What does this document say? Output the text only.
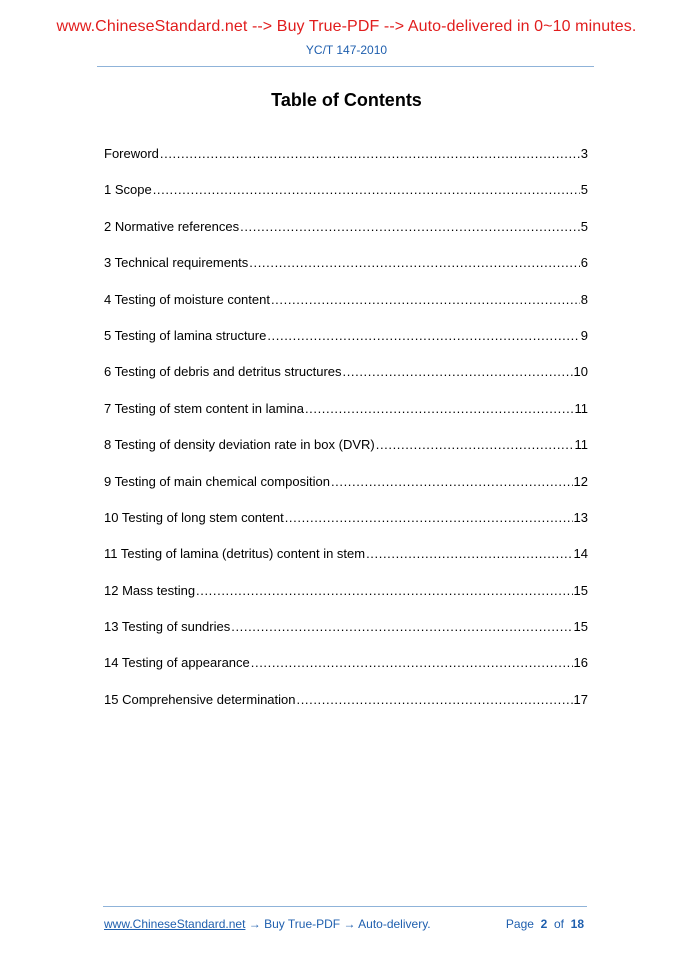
www.ChineseStandard.net --> Buy True-PDF --> Auto-delivered in 0~10 minutes.
YC/T 147-2010
Table of Contents
Foreword .....	3
1 Scope .....	5
2 Normative references .....	5
3 Technical requirements .....	6
4 Testing of moisture content .....	8
5 Testing of lamina structure .....	9
6 Testing of debris and detritus structures .....	10
7 Testing of stem content in lamina .....	11
8 Testing of density deviation rate in box (DVR) .....	11
9 Testing of main chemical composition .....	12
10 Testing of long stem content .....	13
11 Testing of lamina (detritus) content in stem .....	14
12 Mass testing .....	15
13 Testing of sundries .....	15
14 Testing of appearance .....	16
15 Comprehensive determination .....	17
www.ChineseStandard.net → Buy True-PDF → Auto-delivery.	Page 2 of 18
